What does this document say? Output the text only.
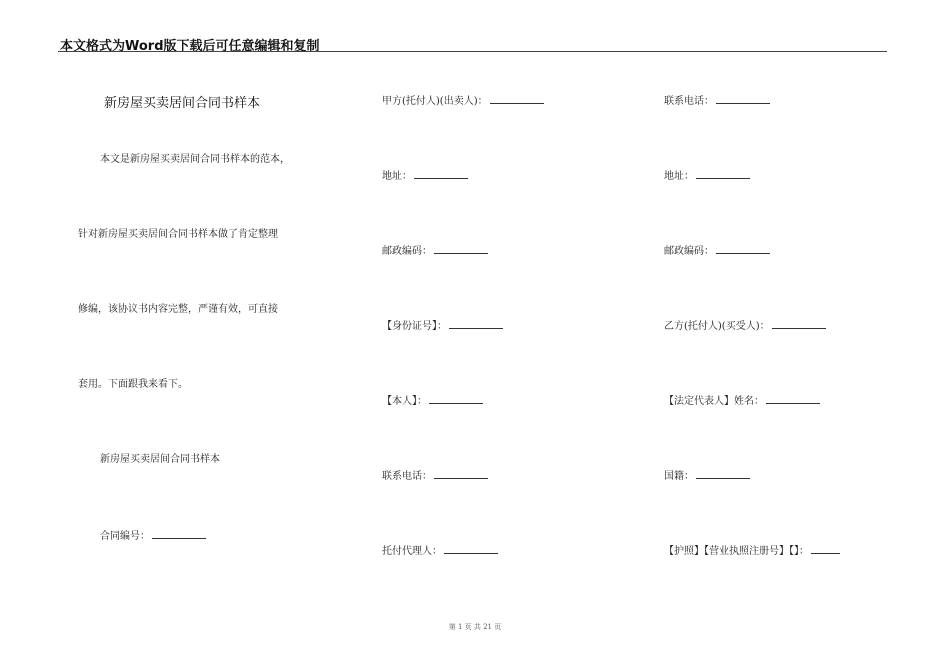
本文格式为Word版下载后可任意编辑和复制
新房屋买卖居间合同书样本
本文是新房屋买卖居间合同书样本的范本，
针对新房屋买卖居间合同书样本做了肯定整理
修编，该协议书内容完整，严谨有效，可直接
套用。下面跟我来看下。
新房屋买卖居间合同书样本
合同编号：
甲方(托付人)(出卖人)：
地址：
邮政编码：
【身份证号】：
【本人】：
联系电话：
托付代理人：
联系电话：
地址：
邮政编码：
乙方(托付人)(买受人)：
【法定代表人】姓名：
国籍：
【护照】【营业执照注册号】【】：
第 1 页 共 21 页
